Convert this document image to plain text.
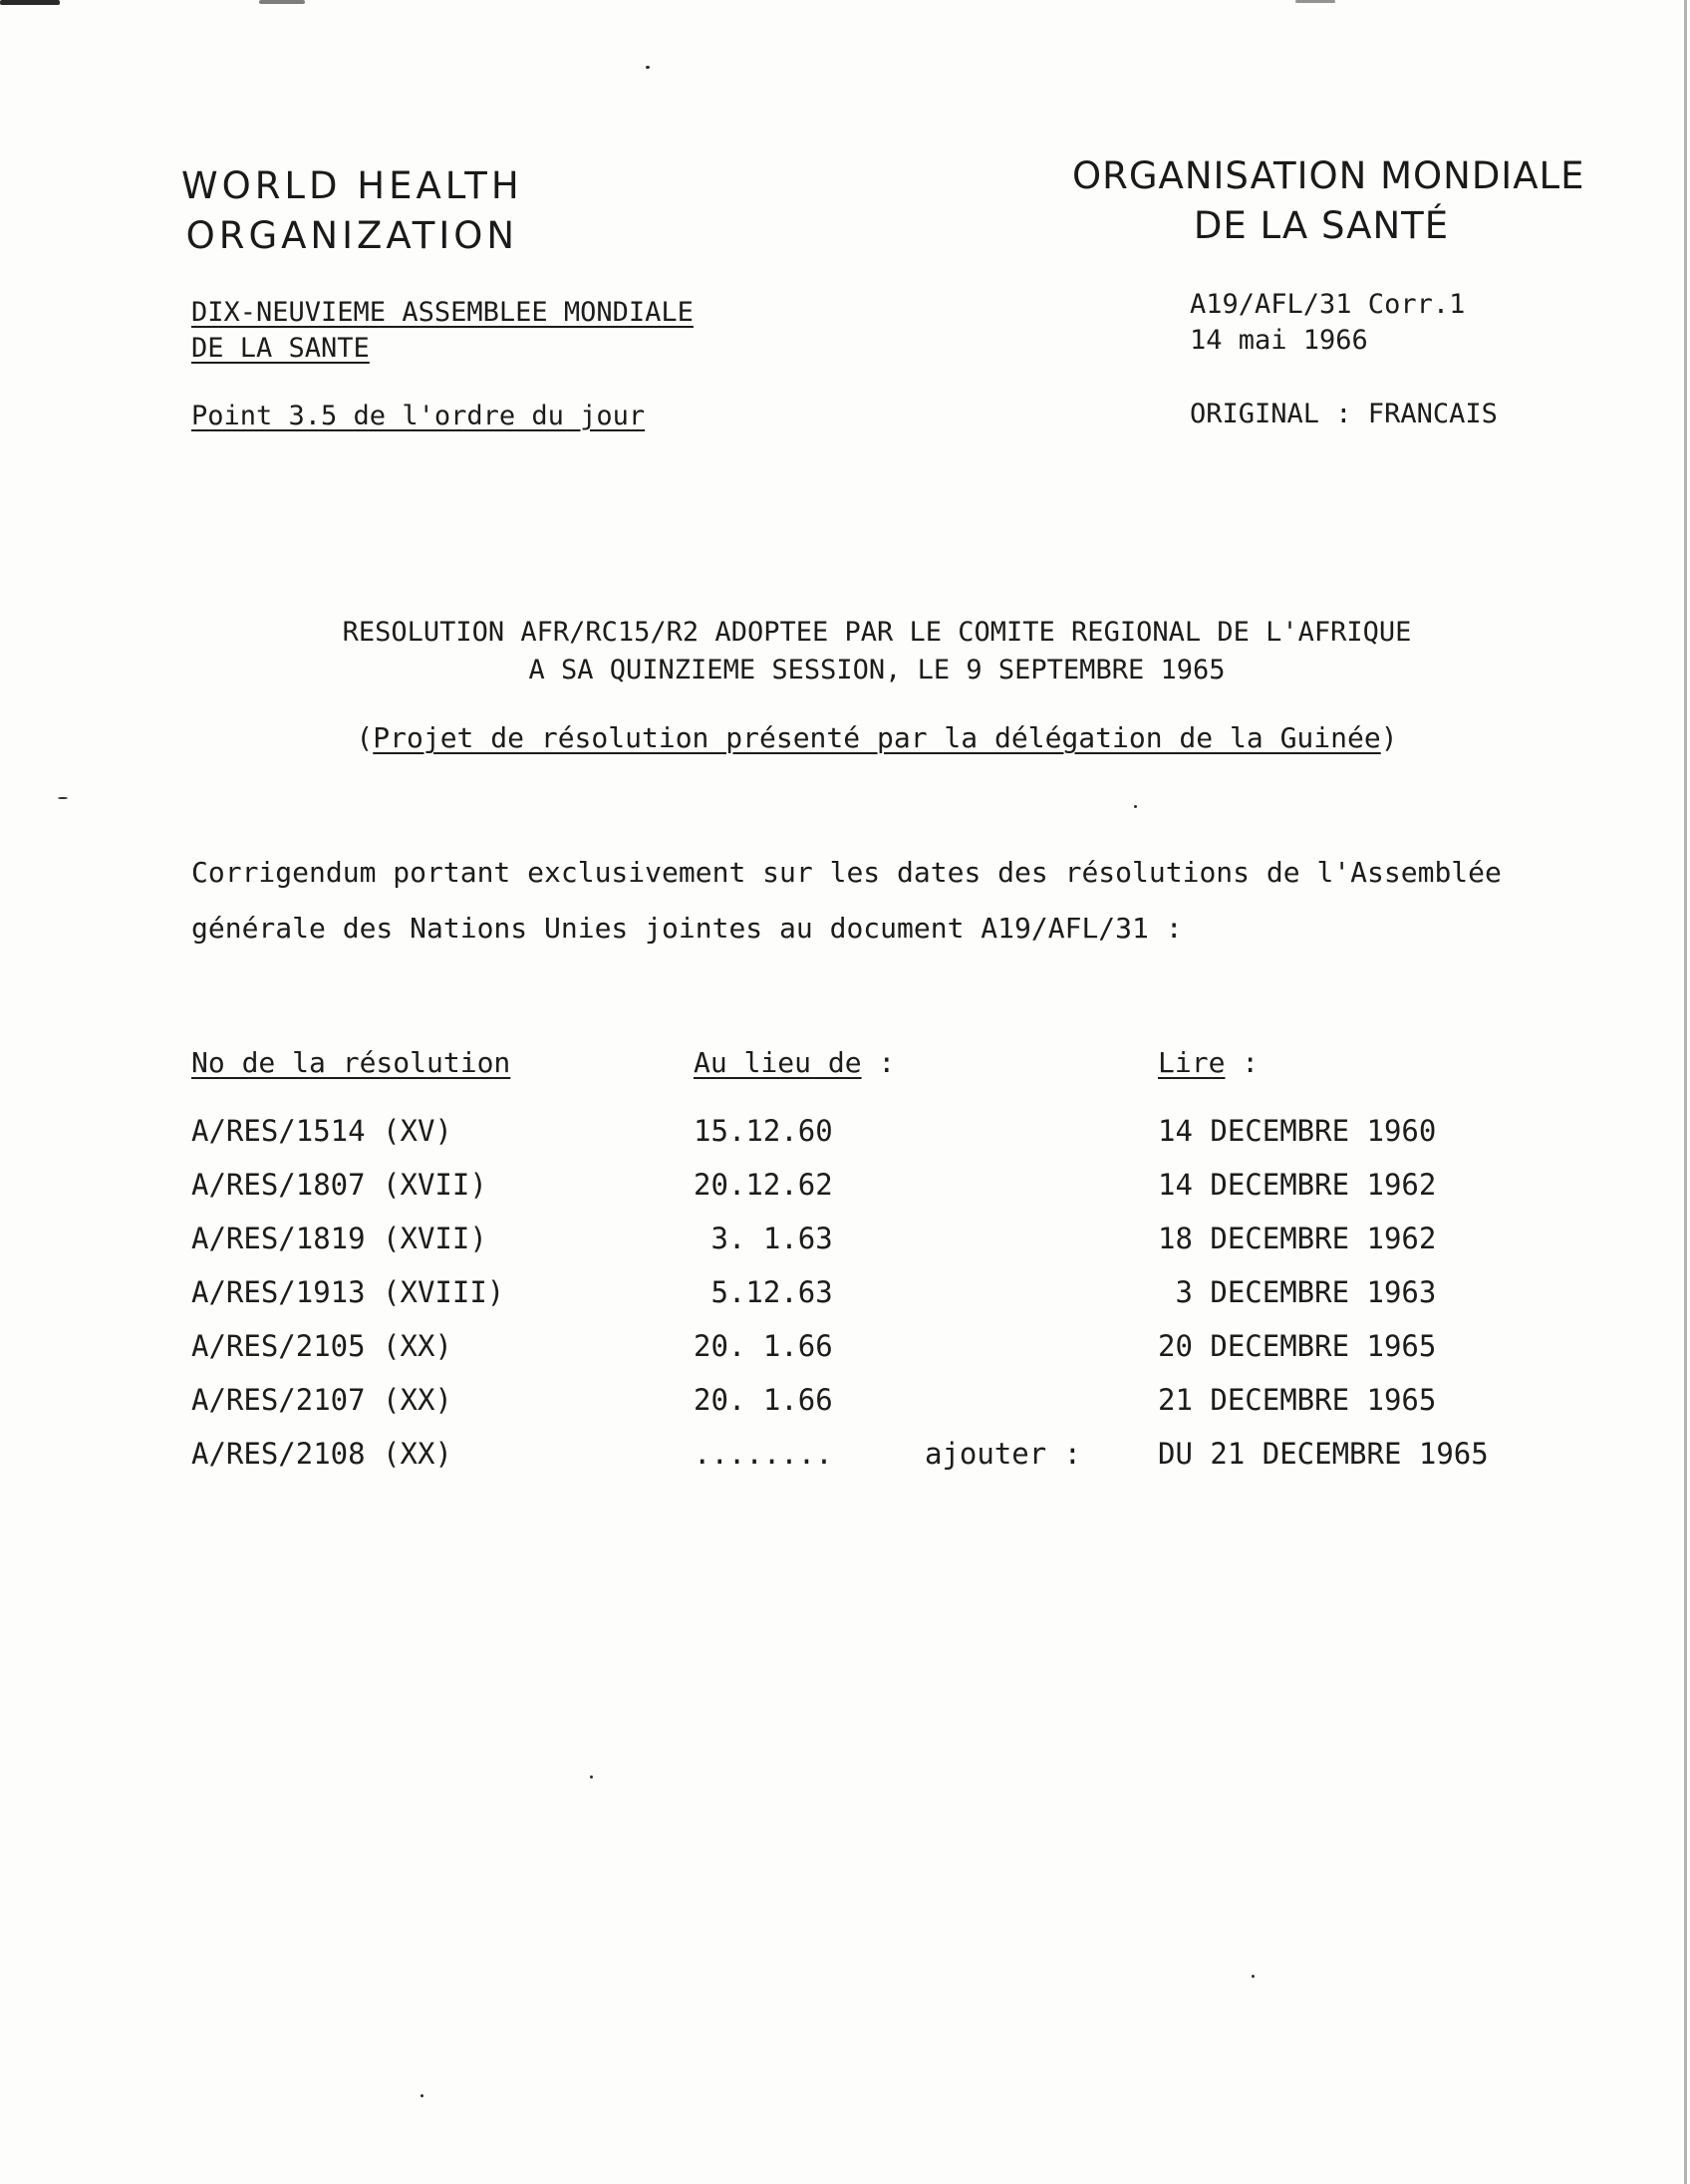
WORLD HEALTH
ORGANIZATION
ORGANISATION MONDIALE
DE LA SANTÉ
DIX-NEUVIEME ASSEMBLEE MONDIALE
DE LA SANTE
Point 3.5 de l'ordre du jour
A19/AFL/31 Corr.1
14 mai 1966
ORIGINAL : FRANCAIS
RESOLUTION AFR/RC15/R2 ADOPTEE PAR LE COMITE REGIONAL DE L'AFRIQUE
A SA QUINZIEME SESSION, LE 9 SEPTEMBRE 1965
(Projet de résolution présenté par la délégation de la Guinée)
Corrigendum portant exclusivement sur les dates des résolutions de l'Assemblée
générale des Nations Unies jointes au document A19/AFL/31 :
No de la résolution	Au lieu de :	Lire :
A/RES/1514 (XV)	15.12.60	14 DECEMBRE 1960
A/RES/1807 (XVII)	20.12.62	14 DECEMBRE 1962
A/RES/1819 (XVII)	3. 1.63	18 DECEMBRE 1962
A/RES/1913 (XVIII)	5.12.63	3 DECEMBRE 1963
A/RES/2105 (XX)	20. 1.66	20 DECEMBRE 1965
A/RES/2107 (XX)	20. 1.66	21 DECEMBRE 1965
A/RES/2108 (XX)	........	ajouter :	DU 21 DECEMBRE 1965
